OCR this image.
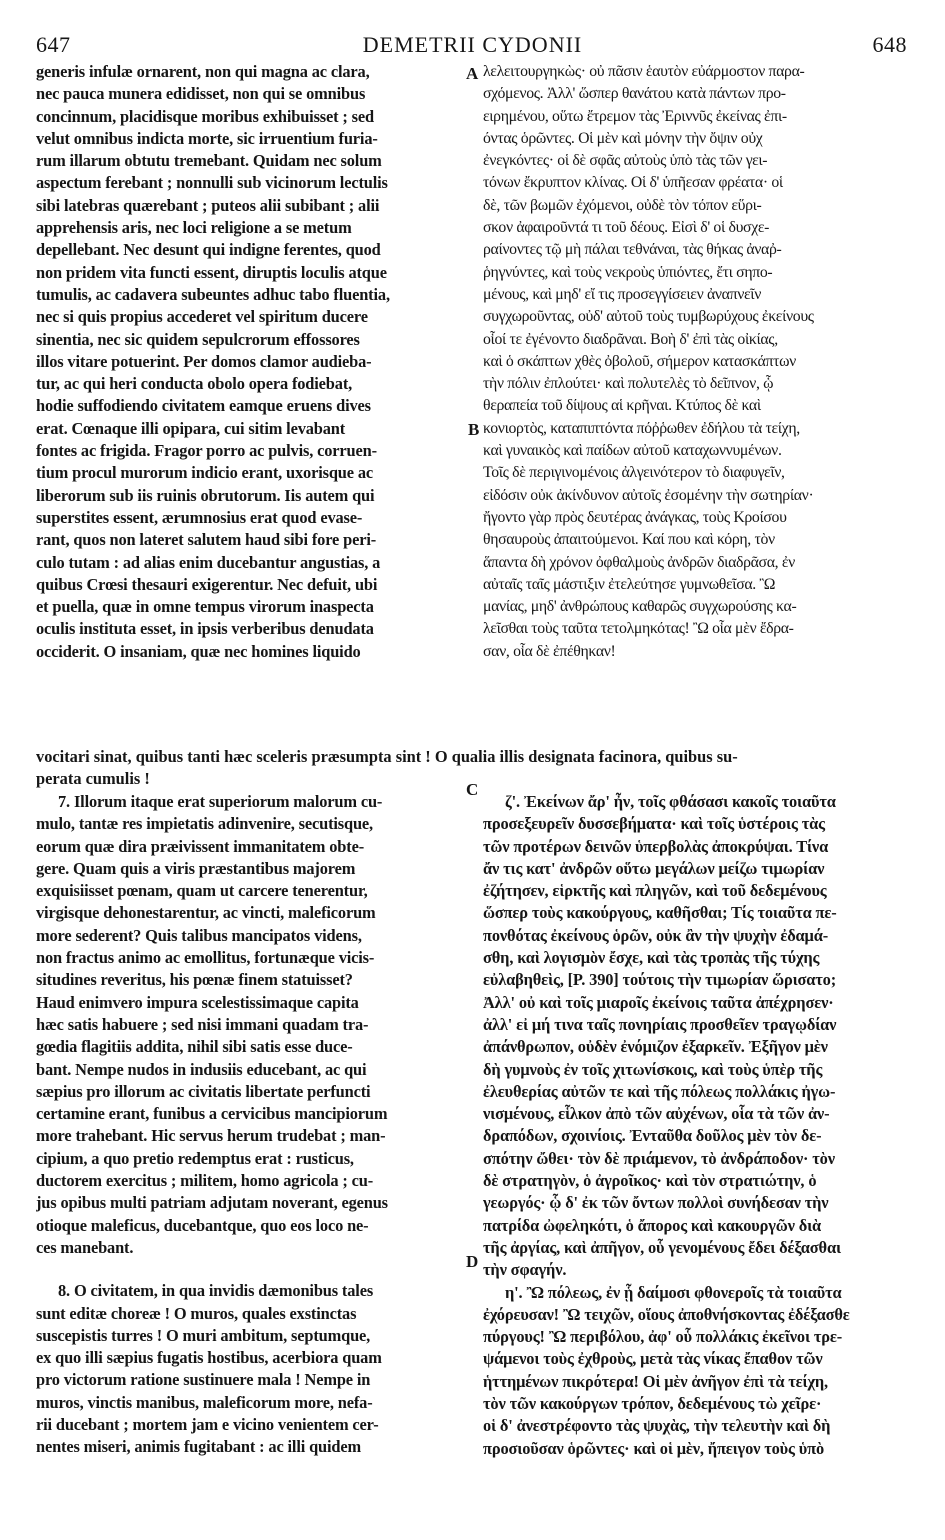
647	DEMETRII CYDONII	648
A
B
C
D
generis infulæ ornarent, non qui magna ac clara,
nec pauca munera edidisset, non qui se omnibus
concinnum, placidisque moribus exhibuisset ; sed
velut omnibus indicta morte, sic irruentium furia-
rum illarum obtutu tremebant. Quidam nec solum
aspectum ferebant ; nonnulli sub vicinorum lectulis
sibi latebras quærebant ; puteos alii subibant ; alii
apprehensis aris, nec loci religione a se metum
depellebant. Nec desunt qui indigne ferentes, quod
non pridem vita functi essent, diruptis loculis atque
tumulis, ac cadavera subeuntes adhuc tabo fluentia,
nec si quis propius accederet vel spiritum ducere
sinentia, nec sic quidem sepulcrorum effossores
illos vitare potuerint. Per domos clamor audieba-
tur, ac qui heri conducta obolo opera fodiebat,
hodie suffodiendo civitatem eamque eruens dives
erat. Cœnaque illi opipara, cui sitim levabant
fontes ac frigida. Fragor porro ac pulvis, corruen-
tium procul murorum indicio erant, uxorisque ac
liberorum sub iis ruinis obrutorum. Iis autem qui
superstites essent, ærumnosius erat quod evase-
rant, quos non lateret salutem haud sibi fore peri-
culo tutam : ad alias enim ducebantur angustias, a
quibus Crœsi thesauri exigerentur. Nec defuit, ubi
et puella, quæ in omne tempus virorum inaspecta
oculis instituta esset, in ipsis verberibus denudata
occiderit. O insaniam, quæ nec homines liquido
λελειτουργηκὼς· οὐ πᾶσιν ἑαυτὸν εὐάρμοστον παρα-
σχόμενος. Ἀλλ' ὥσπερ θανάτου κατὰ πάντων προ-
ειρημένου, οὕτω ἔτρεμον τὰς Ἐριννῦς ἐκείνας ἐπι-
όντας ὁρῶντες. Οἱ μὲν καὶ μόνην τὴν ὄψιν οὐχ
ἐνεγκόντες· οἱ δὲ σφᾶς αὐτοὺς ὑπὸ τὰς τῶν γει-
τόνων ἔκρυπτον κλίνας. Οἱ δ' ὑπῆεσαν φρέατα· οἱ
δὲ, τῶν βωμῶν ἐχόμενοι, οὐδὲ τὸν τόπον εὕρι-
σκον ἀφαιροῦντά τι τοῦ δέους. Εἰσὶ δ' οἱ δυσχε-
ραίνοντες τῷ μὴ πάλαι τεθνάναι, τὰς θήκας ἀναῤ-
ῥηγνύντες, καὶ τοὺς νεκροὺς ὑπιόντες, ἔτι σηπο-
μένους, καὶ μηδ' εἴ τις προσεγγίσειεν ἀναπνεῖν
συγχωροῦντας, οὐδ' αὐτοῦ τοὺς τυμβωρύχους ἐκείνους
οἷοί τε ἐγένοντο διαδρᾶναι. Βοὴ δ' ἐπὶ τὰς οἰκίας,
καὶ ὁ σκάπτων χθὲς ὀβολοῦ, σήμερον κατασκάπτων
τὴν πόλιν ἐπλούτει· καὶ πολυτελὲς τὸ δεῖπνον, ᾧ
θεραπεία τοῦ δίψους αἱ κρῆναι. Κτύπος δὲ καὶ
κονιορτὸς, καταπιπτόντα πόῤῥωθεν ἐδήλου τὰ τείχη,
καὶ γυναικὸς καὶ παίδων αὐτοῦ καταχωννυμένων.
Τοῖς δὲ περιγινομένοις ἀλγεινότερον τὸ διαφυγεῖν,
εἰδόσιν οὐκ ἀκίνδυνον αὐτοῖς ἐσομένην τὴν σωτηρίαν·
ἤγοντο γὰρ πρὸς δευτέρας ἀνάγκας, τοὺς Κροίσου
θησαυροὺς ἀπαιτούμενοι. Καί που καὶ κόρη, τὸν
ἅπαντα δὴ χρόνον ὀφθαλμοὺς ἀνδρῶν διαδρᾶσα, ἐν
αὐταῖς ταῖς μάστιξιν ἐτελεύτησε γυμνωθεῖσα. Ὢ
μανίας, μηδ' ἀνθρώπους καθαρῶς συγχωρούσης κα-
λεῖσθαι τοὺς ταῦτα τετολμηκότας! Ὢ οἷα μὲν ἔδρα-
σαν, οἷα δὲ ἐπέθηκαν!
vocitari sinat, quibus tanti hæc sceleris præsumpta sint ! O qualia illis designata facinora, quibus su-
perata cumulis !
7. Illorum itaque erat superiorum malorum cu-
mulo, tantæ res impietatis adinvenire, secutisque,
eorum quæ dira præivissent immanitatem obte-
gere. Quam quis a viris præstantibus majorem
exquisiisset pœnam, quam ut carcere tenerentur,
virgisque dehonestarentur, ac vincti, maleficorum
more sederent? Quis talibus mancipatos videns,
non fractus animo ac emollitus, fortunæque vicis-
situdines reveritus, his pœnæ finem statuisset?
Haud enimvero impura scelestissimaque capita
hæc satis habuere ; sed nisi immani quadam tra-
gœdia flagitiis addita, nihil sibi satis esse duce-
bant. Nempe nudos in indusiis educebant, ac qui
sæpius pro illorum ac civitatis libertate perfuncti
certamine erant, funibus a cervicibus mancipiorum
more trahebant. Hic servus herum trudebat ; man-
cipium, a quo pretio redemptus erat : rusticus,
ductorem exercitus ; militem, homo agricola ; cu-
jus opibus multi patriam adjutam noverant, egenus
otioque maleficus, ducebantque, quo eos loco ne-
ces manebant.
8. O civitatem, in qua invidis dæmonibus tales
sunt editæ choreæ ! O muros, quales exstinctas
suscepistis turres ! O muri ambitum, septumque,
ex quo illi sæpius fugatis hostibus, acerbiora quam
pro victorum ratione sustinuere mala ! Nempe in
muros, vinctis manibus, maleficorum more, nefa-
rii ducebant ; mortem jam e vicino venientem cer-
nentes miseri, animis fugitabant : ac illi quidem
ζ'. Ἐκείνων ἄρ' ἦν, τοῖς φθάσασι κακοῖς τοιαῦτα
προσεξευρεῖν δυσσεβήματα· καὶ τοῖς ὑστέροις τὰς
τῶν προτέρων δεινῶν ὑπερβολὰς ἀποκρύψαι. Τίνα
ἄν τις κατ' ἀνδρῶν οὕτω μεγάλων μείζω τιμωρίαν
ἐζήτησεν, εἱρκτῆς καὶ πληγῶν, καὶ τοῦ δεδεμένους
ὥσπερ τοὺς κακούργους, καθῆσθαι; Τίς τοιαῦτα πε-
πονθότας ἐκείνους ὁρῶν, οὐκ ἂν τὴν ψυχὴν ἐδαμά-
σθη, καὶ λογισμὸν ἔσχε, καὶ τὰς τροπὰς τῆς τύχης
εὐλαβηθεὶς, [P. 390] τούτοις τὴν τιμωρίαν ὥρισατο;
Ἀλλ' οὐ καὶ τοῖς μιαροῖς ἐκείνοις ταῦτα ἀπέχρησεν·
ἀλλ' εἰ μή τινα ταῖς πονηρίαις προσθεῖεν τραγῳδίαν
ἀπάνθρωπον, οὐδὲν ἐνόμιζον ἐξαρκεῖν. Ἐξῆγον μὲν
δὴ γυμνοὺς ἐν τοῖς χιτωνίσκοις, καὶ τοὺς ὑπὲρ τῆς
ἐλευθερίας αὐτῶν τε καὶ τῆς πόλεως πολλάκις ἠγω-
νισμένους, εἷλκον ἀπὸ τῶν αὐχένων, οἷα τὰ τῶν ἀν-
δραπόδων, σχοινίοις. Ἐνταῦθα δοῦλος μὲν τὸν δε-
σπότην ὤθει· τὸν δὲ πριάμενον, τὸ ἀνδράποδον· τὸν
δὲ στρατηγὸν, ὁ ἀγροῖκος· καὶ τὸν στρατιώτην, ὁ
γεωργός· ᾧ δ' ἐκ τῶν ὄντων πολλοὶ συνήδεσαν τὴν
πατρίδα ὠφεληκότι, ὁ ἄπορος καὶ κακουργῶν διὰ
τῆς ἀργίας, καὶ ἀπῆγον, οὗ γενομένους ἔδει δέξασθαι
τὴν σφαγήν.
η'. Ὢ πόλεως, ἐν ᾗ δαίμοσι φθονεροῖς τὰ τοιαῦτα
ἐχόρευσαν! Ὢ τειχῶν, οἵους ἀποθνήσκοντας ἐδέξασθε
πύργους! Ὢ περιβόλου, ἀφ' οὗ πολλάκις ἐκεῖνοι τρε-
ψάμενοι τοὺς ἐχθροὺς, μετὰ τὰς νίκας ἔπαθον τῶν
ἡττημένων πικρότερα! Οἱ μὲν ἀνῆγον ἐπὶ τὰ τείχη,
τὸν τῶν κακούργων τρόπον, δεδεμένους τὼ χεῖρε·
οἱ δ' ἀνεστρέφοντο τὰς ψυχὰς, τὴν τελευτὴν καὶ δὴ
προσιοῦσαν ὁρῶντες· καὶ οἱ μὲν, ἤπειγον τοὺς ὑπὸ
